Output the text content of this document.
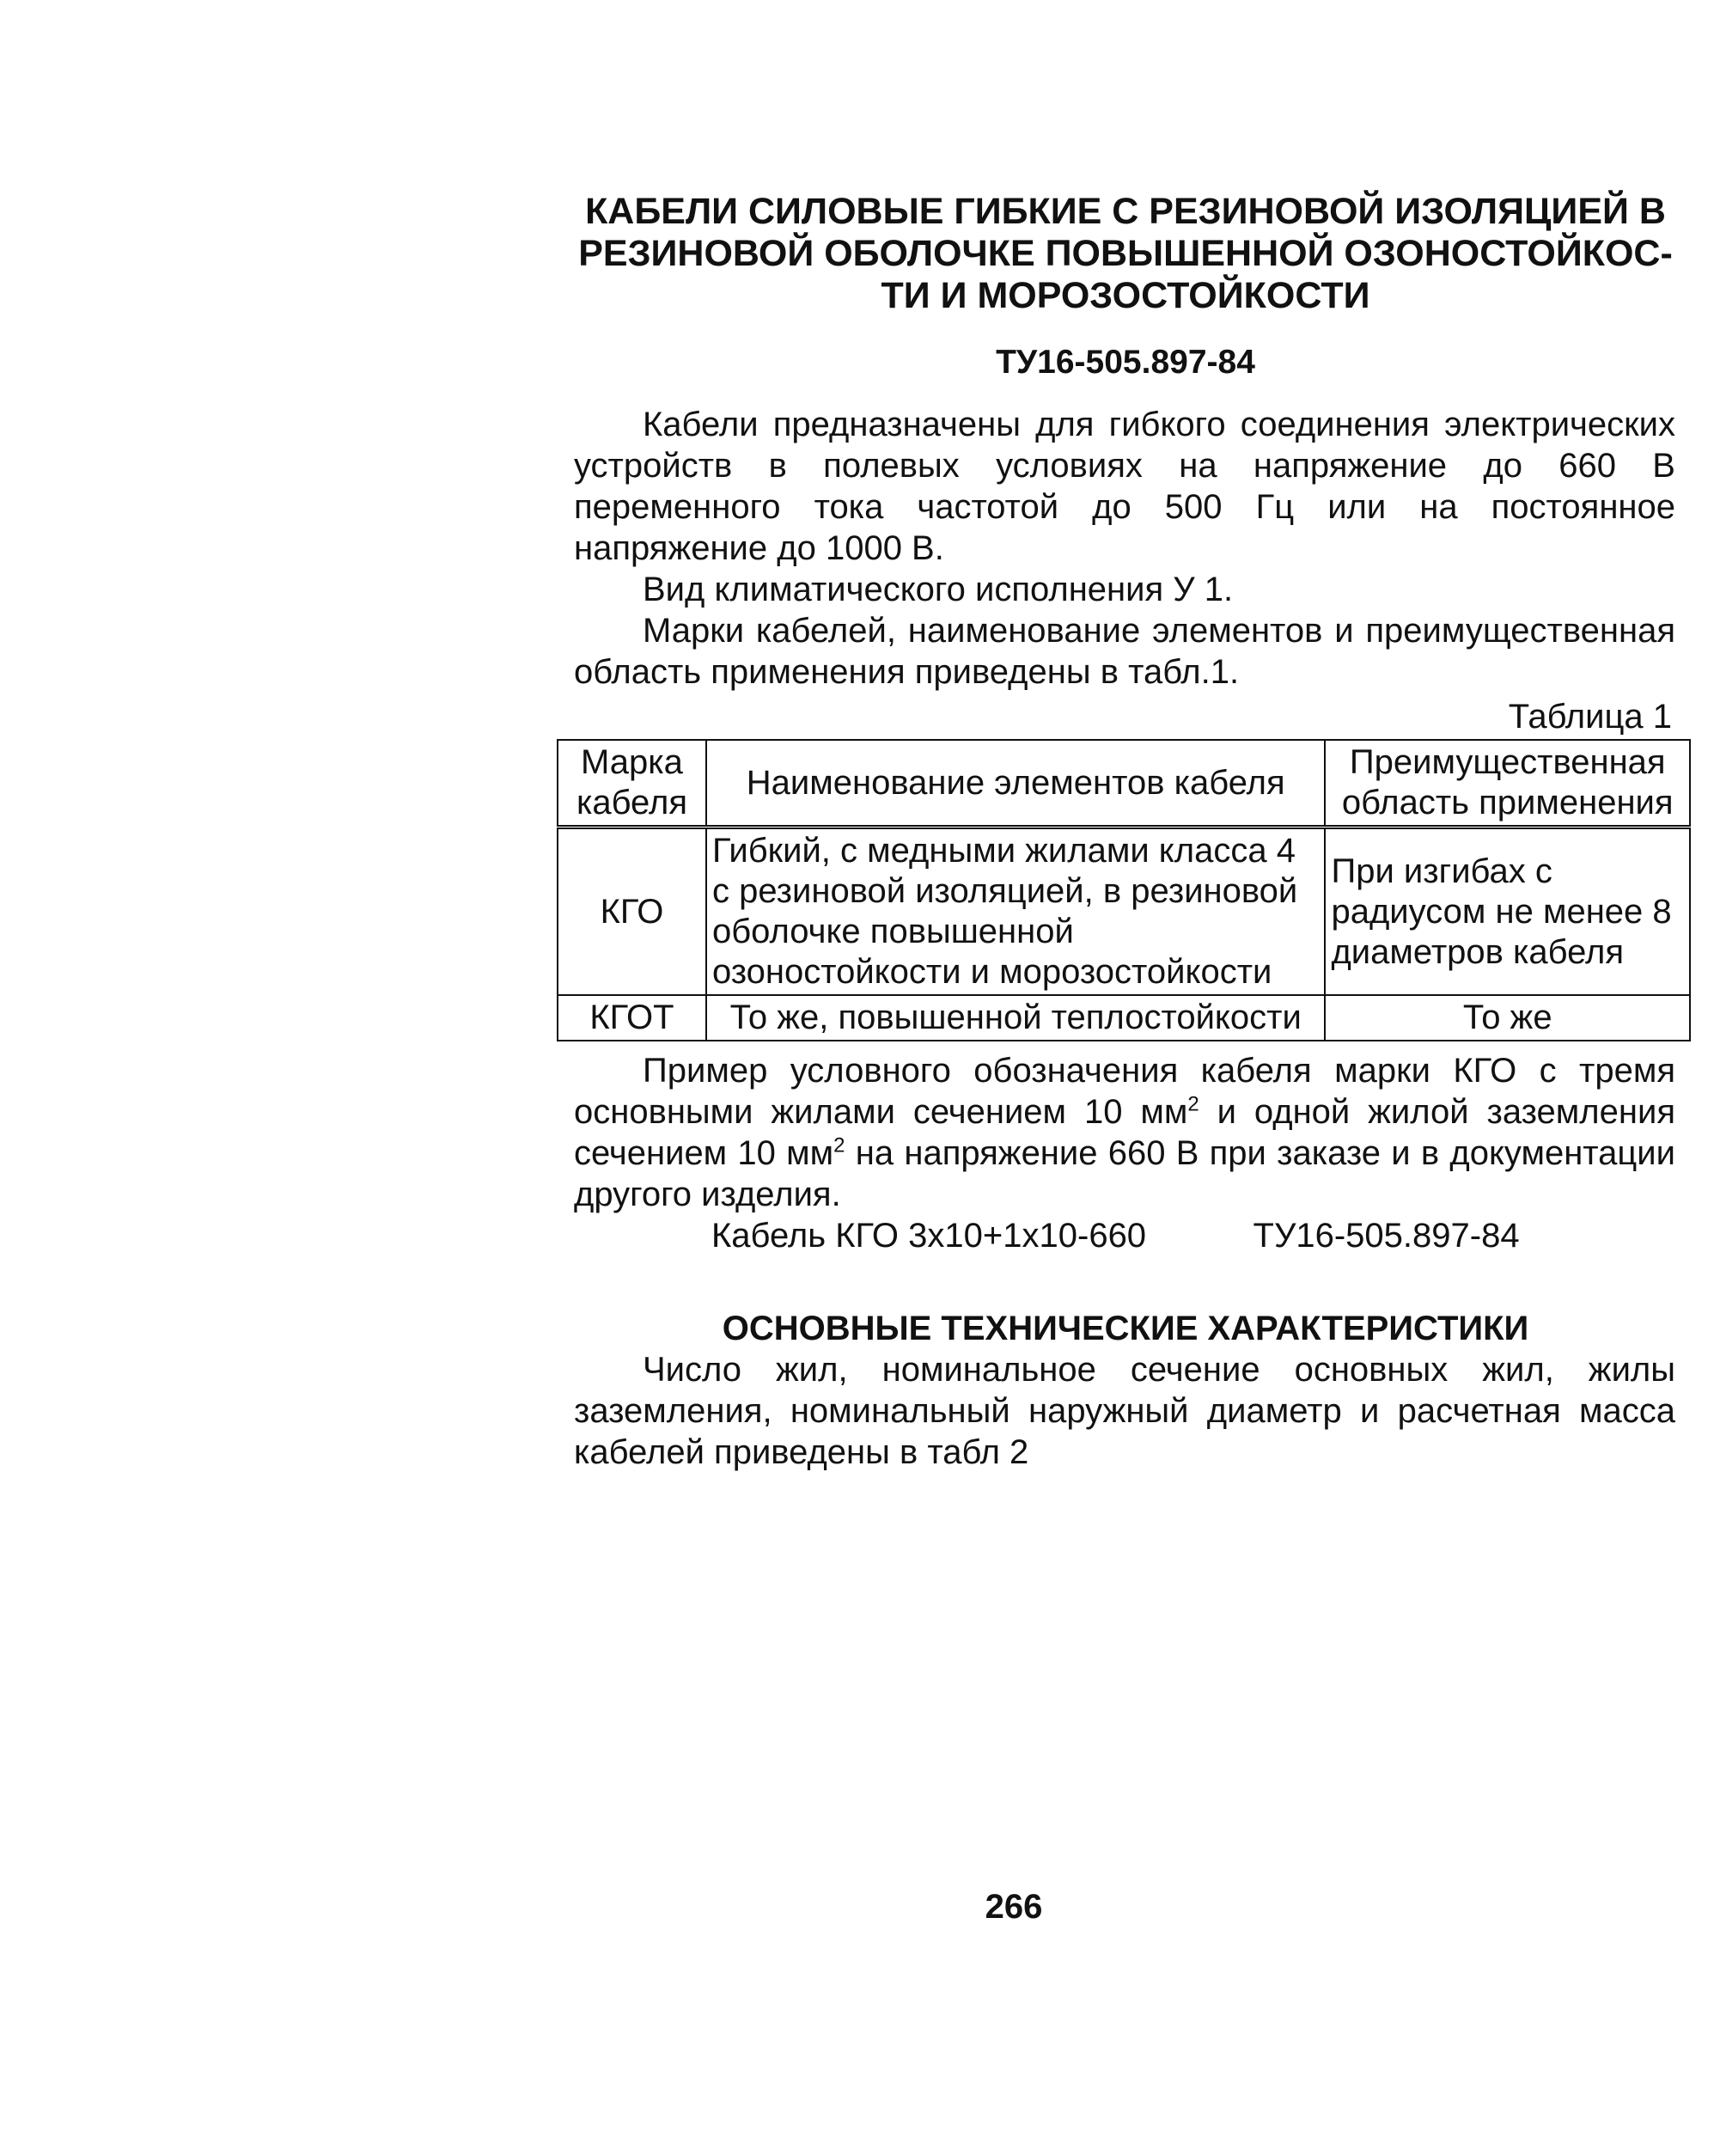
КАБЕЛИ СИЛОВЫЕ ГИБКИЕ С РЕЗИНОВОЙ ИЗОЛЯЦИЕЙ В
РЕЗИНОВОЙ ОБОЛОЧКЕ ПОВЫШЕННОЙ ОЗОНОСТОЙКОС-
ТИ И МОРОЗОСТОЙКОСТИ
ТУ16-505.897-84

Кабели предназначены для гибкого соединения электрических устройств в полевых условиях на напряжение до 660 В переменного тока частотой до 500 Гц или на постоянное напряжение до 1000 В.

Вид климатического исполнения У 1.

Марки кабелей, наименование элементов и преимущественная область применения приведены в табл.1.

Таблица 1
Марка кабеля	Наименование элементов кабеля	Преимущественная область применения
КГО	Гибкий, с медными жилами класса 4 с резиновой изоляцией, в резиновой оболочке повышенной озоностойкости и морозостойкости	При изгибах с радиусом не менее 8 диаметров кабеля
КГОТ	То же, повышенной теплостойкости	То же

Пример условного обозначения кабеля марки КГО с тремя основными жилами сечением 10 $мм^2$ и одной жилой заземления сечением 10 $мм^2$ на напряжение 660 В при заказе и в документации другого изделия.

Кабель КГО 3х10+1х10-660	ТУ16-505.897-84

ОСНОВНЫЕ ТЕХНИЧЕСКИЕ ХАРАКТЕРИСТИКИ

Число жил, номинальное сечение основных жил, жилы заземления, номинальный наружный диаметр и расчетная масса кабелей приведены в табл 2

266
